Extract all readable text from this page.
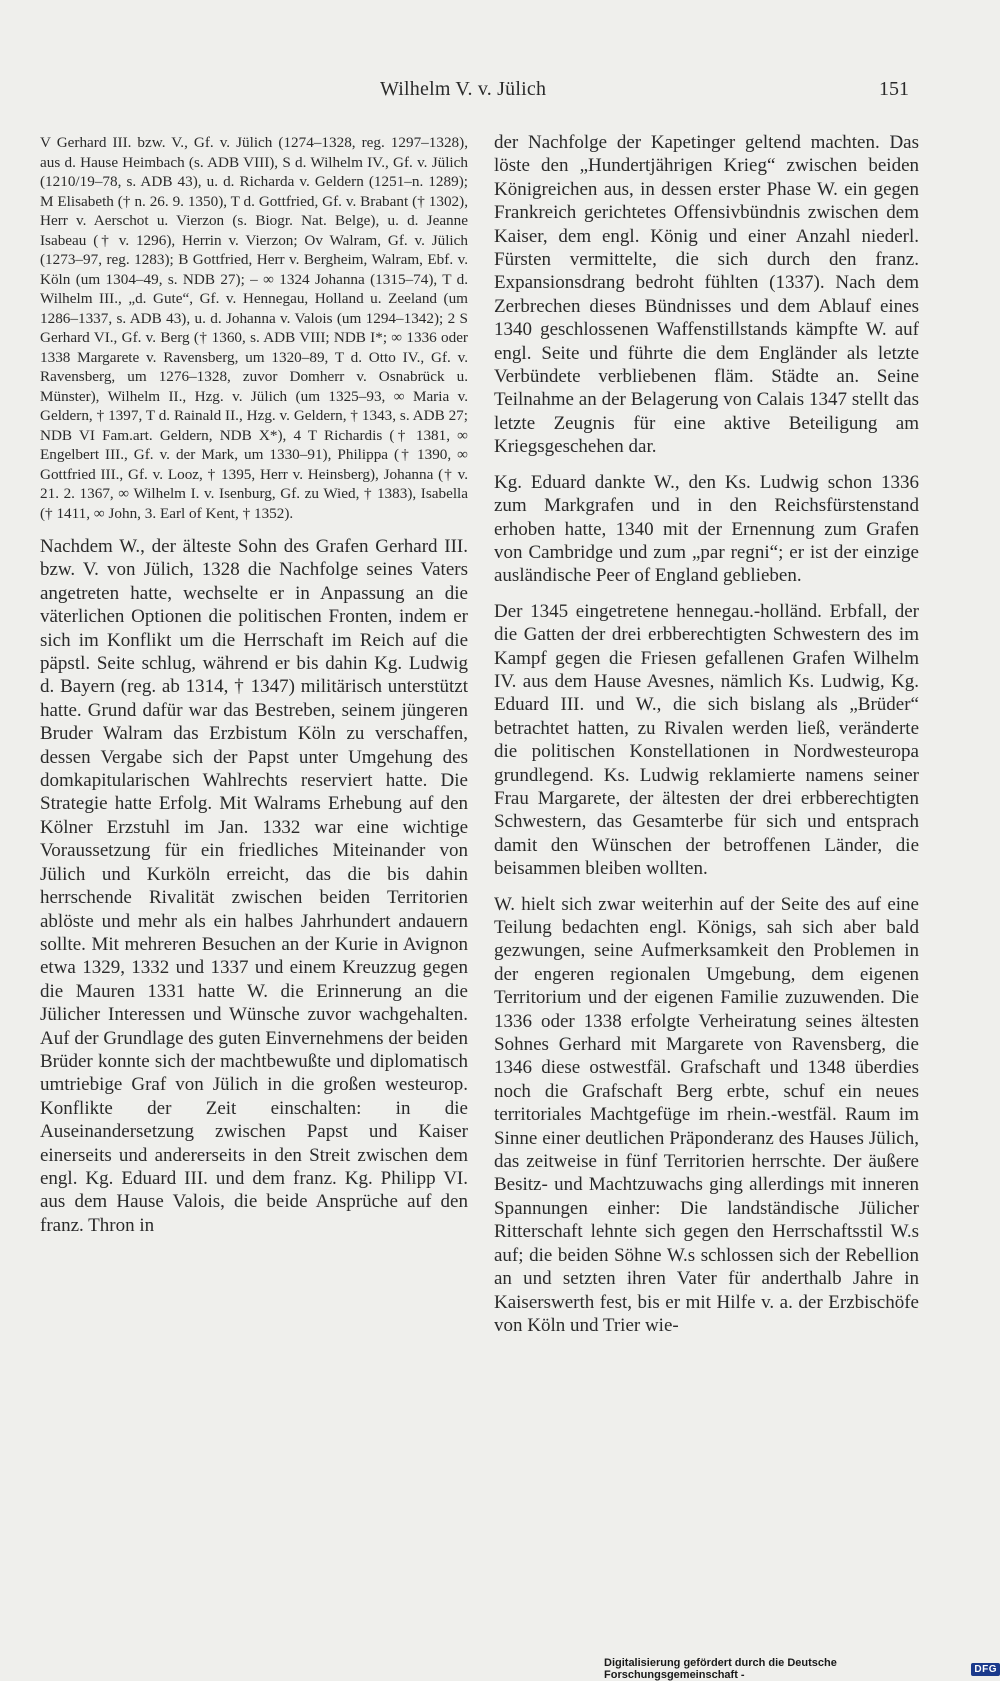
Wilhelm V. v. Jülich	151

V Gerhard III. bzw. V., Gf. v. Jülich (1274–1328, reg. 1297–1328), aus d. Hause Heimbach (s. ADB VIII), S d. Wilhelm IV., Gf. v. Jülich (1210/19–78, s. ADB 43), u. d. Richarda v. Geldern (1251–n. 1289); M Elisabeth († n. 26. 9. 1350), T d. Gottfried, Gf. v. Brabant († 1302), Herr v. Aerschot u. Vierzon (s. Biogr. Nat. Belge), u. d. Jeanne Isabeau († v. 1296), Herrin v. Vierzon; Ov Walram, Gf. v. Jülich (1273–97, reg. 1283); B Gottfried, Herr v. Bergheim, Walram, Ebf. v. Köln (um 1304–49, s. NDB 27); – ∞ 1324 Johanna (1315–74), T d. Wilhelm III., „d. Gute“, Gf. v. Hennegau, Holland u. Zeeland (um 1286–1337, s. ADB 43), u. d. Johanna v. Valois (um 1294–1342); 2 S Gerhard VI., Gf. v. Berg († 1360, s. ADB VIII; NDB I*; ∞ 1336 oder 1338 Margarete v. Ravensberg, um 1320–89, T d. Otto IV., Gf. v. Ravensberg, um 1276–1328, zuvor Domherr v. Osnabrück u. Münster), Wilhelm II., Hzg. v. Jülich (um 1325–93, ∞ Maria v. Geldern, † 1397, T d. Rainald II., Hzg. v. Geldern, † 1343, s. ADB 27; NDB VI Fam.art. Geldern, NDB X*), 4 T Richardis († 1381, ∞ Engelbert III., Gf. v. der Mark, um 1330–91), Philippa († 1390, ∞ Gottfried III., Gf. v. Looz, † 1395, Herr v. Heinsberg), Johanna († v. 21. 2. 1367, ∞ Wilhelm I. v. Isenburg, Gf. zu Wied, † 1383), Isabella († 1411, ∞ John, 3. Earl of Kent, † 1352).

Nachdem W., der älteste Sohn des Grafen Gerhard III. bzw. V. von Jülich, 1328 die Nachfolge seines Vaters angetreten hatte, wechselte er in Anpassung an die väterlichen Optionen die politischen Fronten, indem er sich im Konflikt um die Herrschaft im Reich auf die päpstl. Seite schlug, während er bis dahin Kg. Ludwig d. Bayern (reg. ab 1314, † 1347) militärisch unterstützt hatte. Grund dafür war das Bestreben, seinem jüngeren Bruder Walram das Erzbistum Köln zu verschaffen, dessen Vergabe sich der Papst unter Umgehung des domkapitularischen Wahlrechts reserviert hatte. Die Strategie hatte Erfolg. Mit Walrams Erhebung auf den Kölner Erzstuhl im Jan. 1332 war eine wichtige Voraussetzung für ein friedliches Miteinander von Jülich und Kurköln erreicht, das die bis dahin herrschende Rivalität zwischen beiden Territorien ablöste und mehr als ein halbes Jahrhundert andauern sollte. Mit mehreren Besuchen an der Kurie in Avignon etwa 1329, 1332 und 1337 und einem Kreuzzug gegen die Mauren 1331 hatte W. die Erinnerung an die Jülicher Interessen und Wünsche zuvor wachgehalten. Auf der Grundlage des guten Einvernehmens der beiden Brüder konnte sich der machtbewußte und diplomatisch umtriebige Graf von Jülich in die großen westeurop. Konflikte der Zeit einschalten: in die Auseinandersetzung zwischen Papst und Kaiser einerseits und andererseits in den Streit zwischen dem engl. Kg. Eduard III. und dem franz. Kg. Philipp VI. aus dem Hause Valois, die beide Ansprüche auf den franz. Thron in

der Nachfolge der Kapetinger geltend machten. Das löste den „Hundertjährigen Krieg“ zwischen beiden Königreichen aus, in dessen erster Phase W. ein gegen Frankreich gerichtetes Offensivbündnis zwischen dem Kaiser, dem engl. König und einer Anzahl niederl. Fürsten vermittelte, die sich durch den franz. Expansionsdrang bedroht fühlten (1337). Nach dem Zerbrechen dieses Bündnisses und dem Ablauf eines 1340 geschlossenen Waffenstillstands kämpfte W. auf engl. Seite und führte die dem Engländer als letzte Verbündete verbliebenen fläm. Städte an. Seine Teilnahme an der Belagerung von Calais 1347 stellt das letzte Zeugnis für eine aktive Beteiligung am Kriegsgeschehen dar.

Kg. Eduard dankte W., den Ks. Ludwig schon 1336 zum Markgrafen und in den Reichsfürstenstand erhoben hatte, 1340 mit der Ernennung zum Grafen von Cambridge und zum „par regni“; er ist der einzige ausländische Peer of England geblieben.

Der 1345 eingetretene hennegau.-holländ. Erbfall, der die Gatten der drei erbberechtigten Schwestern des im Kampf gegen die Friesen gefallenen Grafen Wilhelm IV. aus dem Hause Avesnes, nämlich Ks. Ludwig, Kg. Eduard III. und W., die sich bislang als „Brüder“ betrachtet hatten, zu Rivalen werden ließ, veränderte die politischen Konstellationen in Nordwesteuropa grundlegend. Ks. Ludwig reklamierte namens seiner Frau Margarete, der ältesten der drei erbberechtigten Schwestern, das Gesamterbe für sich und entsprach damit den Wünschen der betroffenen Länder, die beisammen bleiben wollten.

W. hielt sich zwar weiterhin auf der Seite des auf eine Teilung bedachten engl. Königs, sah sich aber bald gezwungen, seine Aufmerksamkeit den Problemen in der engeren regionalen Umgebung, dem eigenen Territorium und der eigenen Familie zuzuwenden. Die 1336 oder 1338 erfolgte Verheiratung seines ältesten Sohnes Gerhard mit Margarete von Ravensberg, die 1346 diese ostwestfäl. Grafschaft und 1348 überdies noch die Grafschaft Berg erbte, schuf ein neues territoriales Machtgefüge im rhein.-westfäl. Raum im Sinne einer deutlichen Präponderanz des Hauses Jülich, das zeitweise in fünf Territorien herrschte. Der äußere Besitz- und Machtzuwachs ging allerdings mit inneren Spannungen einher: Die landständische Jülicher Ritterschaft lehnte sich gegen den Herrschaftsstil W.s auf; die beiden Söhne W.s schlossen sich der Rebellion an und setzten ihren Vater für anderthalb Jahre in Kaiserswerth fest, bis er mit Hilfe v. a. der Erzbischöfe von Köln und Trier wie-

Digitalisierung gefördert durch die Deutsche Forschungsgemeinschaft -	DFG
